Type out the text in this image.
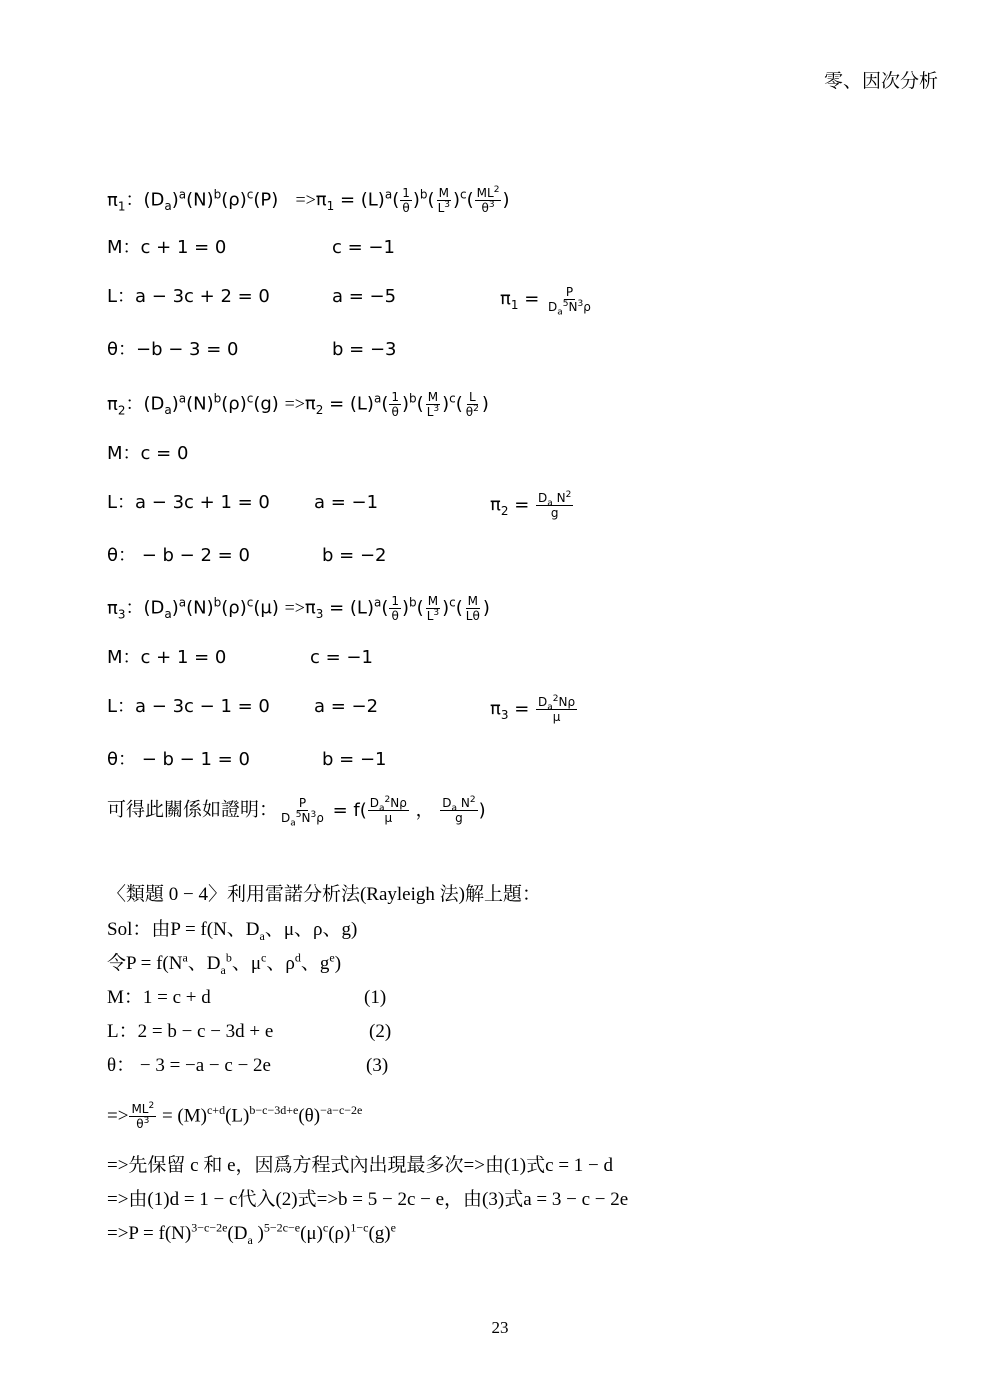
零、因次分析
$\pi_1$：$(D_a)^a(N)^b(\rho)^c(P) =>\pi_1 = (L)^a( \frac{1}{\theta} )^b( \frac{M}{L^3} )^c( \frac{ML^2}{\theta^3}$ )
M：c + 1 = 0	c = −1
L：a − 3c + 2 = 0	a = −5	$\pi_1 = \frac{P}{D_a^5N^3\rho}$
θ：−b − 3 = 0	b = −3
$\pi_2$：$(D_a)^a(N)^b(\rho)^c(g) =>\pi_2 = (L)^a( \frac{1}{\theta} )^b( \frac{M}{L^3} )^c( \frac{L}{\theta^2}$ )
M：c = 0
L：a − 3c + 1 = 0 a = −1	$\pi_2 = \frac{D_a N^2}{g}$
θ： − b − 2 = 0	b = −2
$\pi_3$：$(D_a)^a(N)^b(\rho)^c(\mu) =>\pi_3 = (L)^a( \frac{1}{\theta} )^b( \frac{M}{L^3} )^c( \frac{M}{L\theta}$ )
M：c + 1 = 0	c = −1
L：a − 3c − 1 = 0 a = −2	$\pi_3 = \frac{D_a^2N\rho}{\mu}$
θ： − b − 1 = 0	b = −1
可得此關係如證明： $\frac{P}{D_a^5N^3\rho} = f( \frac{D_a^2N\rho}{\mu}$ ， $\frac{D_a N^2}{g}$ )
〈類題 0 − 4〉利用雷諾分析法(Rayleigh 法)解上題：
Sol：由P = f(N、$D_a$、μ、ρ、g)
令$P = f(N^a$、$D_a^b$、$\mu^c$、$\rho^d$、$g^e$)
M：1 = c + d	(1)
L：2 = b − c − 3d + e	(2)
θ： − 3 = −a − c − 2e	(3)
=> $\frac{ML^2}{\theta^3} = (M)^{c+d}(L)^{b-c-3d+e}(\theta)^{-a-c-2e}$
=>先保留 c 和 e，因爲方程式內出現最多次=>由(1)式c = 1 − d
=>由(1)d = 1 − c代入(2)式=>b = 5 − 2c − e，由(3)式a = 3 − c − 2e
$=>P = f(N)^{3-c-2e}(D_a$ )$^{5-2c-e}(\mu)^c(\rho)^{1-c}(g)^e$
23
